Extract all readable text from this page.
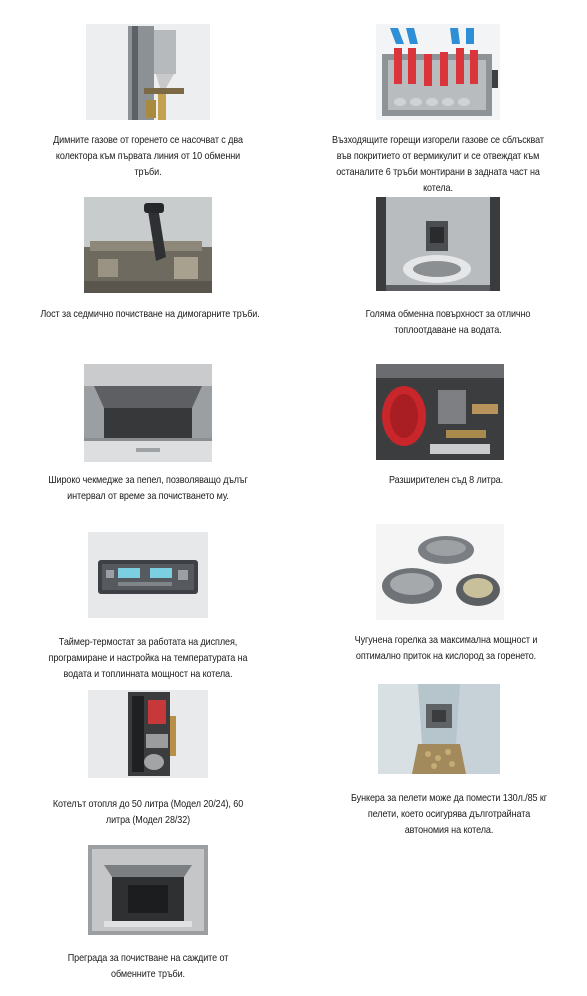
Димните газове от горенето се насочват с два колектора към първата линия от 10 обменни тръби.
Възходящите горещи изгорели газове се сблъскват във покритието от вермикулит и се отвеждат към останалите 6 тръби монтирани в задната част на котела.
Лост за седмично почистване на димогарните тръби.	Голяма обменна повърхност за отлично топлоотдаване на водата.
Широко чекмедже за пепел, позволяващо дълъг интервал от време за почистването му.
Разширителен съд 8 литра.
Таймер-термостат за работата на дисплея, програмиране и настройка на температурата на водата и топлинната мощност на котела.
Чугунена горелка за максимална мощност и оптимално приток на кислород за горенето.
Котелът отопля до 50 литра (Модел 20/24), 60 литра (Модел 28/32)
Бункера за пелети може да помести 130л./85 кг пелети, което осигурява дълготрайната автономия на котела.
Преграда за почистване на саждите от обменните тръби.
